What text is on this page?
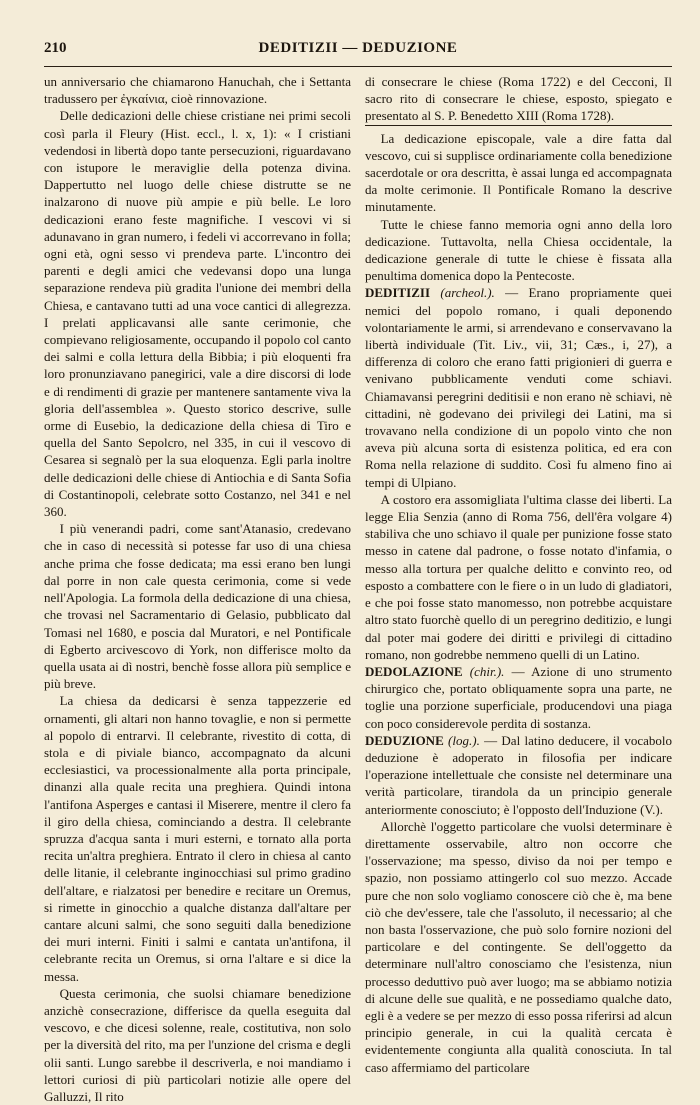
210	DEDITIZII — DEDUZIONE

un anniversario che chiamarono Hanuchah, che i Settanta tradussero per ἐγκαίνια, cioè rinnovazione.

Delle dedicazioni delle chiese cristiane nei primi secoli così parla il Fleury (Hist. eccl., l. x, 1): « I cristiani vedendosi in libertà dopo tante persecuzioni, riguardavano con istupore le meraviglie della potenza divina. Dappertutto nel luogo delle chiese distrutte se ne inalzarono di nuove più ampie e più belle. Le loro dedicazioni erano feste magnifiche. I vescovi vi si adunavano in gran numero, i fedeli vi accorrevano in folla; ogni età, ogni sesso vi prendeva parte. L'incontro dei parenti e degli amici che vedevansi dopo una lunga separazione rendeva più gradita l'unione dei membri della Chiesa, e cantavano tutti ad una voce cantici di allegrezza. I prelati applicavansi alle sante cerimonie, che compievano religiosamente, occupando il popolo col canto dei salmi e colla lettura della Bibbia; i più eloquenti fra loro pronunziavano panegirici, vale a dire discorsi di lode e di rendimenti di grazie per mantenere santamente viva la gloria dell'assemblea ». Questo storico descrive, sulle orme di Eusebio, la dedicazione della chiesa di Tiro e quella del Santo Sepolcro, nel 335, in cui il vescovo di Cesarea si segnalò per la sua eloquenza. Egli parla inoltre delle dedicazioni delle chiese di Antiochia e di Santa Sofia di Costantinopoli, celebrate sotto Costanzo, nel 341 e nel 360.

I più venerandi padri, come sant'Atanasio, credevano che in caso di necessità si potesse far uso di una chiesa anche prima che fosse dedicata; ma essi erano ben lungi dal porre in non cale questa cerimonia, come si vede nell'Apologia. La formola della dedicazione di una chiesa, che trovasi nel Sacramentario di Gelasio, pubblicato dal Tomasi nel 1680, e poscia dal Muratori, e nel Pontificale di Egberto arcivescovo di York, non differisce molto da quella usata ai dì nostri, benchè fosse allora più semplice e più breve.

La chiesa da dedicarsi è senza tappezzerie ed ornamenti, gli altari non hanno tovaglie, e non si permette al popolo di entrarvi. Il celebrante, rivestito di cotta, di stola e di piviale bianco, accompagnato da alcuni ecclesiastici, va processionalmente alla porta principale, dinanzi alla quale recita una preghiera. Quindi intona l'antifona Asperges e cantasi il Miserere, mentre il clero fa il giro della chiesa, cominciando a destra. Il celebrante spruzza d'acqua santa i muri esterni, e tornato alla porta recita un'altra preghiera. Entrato il clero in chiesa al canto delle litanie, il celebrante inginocchiasi sul primo gradino dell'altare, e rialzatosi per benedire e recitare un Oremus, si rimette in ginocchio a qualche distanza dall'altare per cantare alcuni salmi, che sono seguiti dalla benedizione dei muri interni. Finiti i salmi e cantata un'antifona, il celebrante recita un Oremus, si orna l'altare e si dice la messa.

Questa cerimonia, che suolsi chiamare benedizione anzichè consecrazione, differisce da quella eseguita dal vescovo, e che dicesi solenne, reale, costitutiva, non solo per la diversità del rito, ma per l'unzione del crisma e degli olii santi. Lungo sarebbe il descriverla, e noi mandiamo i lettori curiosi di più particolari notizie alle opere del Galluzzi, Il rito

di consecrare le chiese (Roma 1722) e del Cecconi, Il sacro rito di consecrare le chiese, esposto, spiegato e presentato al S. P. Benedetto XIII (Roma 1728).

La dedicazione episcopale, vale a dire fatta dal vescovo, cui si supplisce ordinariamente colla benedizione sacerdotale or ora descritta, è assai lunga ed accompagnata da molte cerimonie. Il Pontificale Romano la descrive minutamente.

Tutte le chiese fanno memoria ogni anno della loro dedicazione. Tuttavolta, nella Chiesa occidentale, la dedicazione generale di tutte le chiese è fissata alla penultima domenica dopo la Pentecoste.

DEDITIZII (archeol.). — Erano propriamente quei nemici del popolo romano, i quali deponendo volontariamente le armi, si arrendevano e conservavano la libertà individuale (Tit. Liv., vii, 31; Cæs., i, 27), a differenza di coloro che erano fatti prigionieri di guerra e venivano pubblicamente venduti come schiavi. Chiamavansi peregrini deditisii e non erano nè schiavi, nè cittadini, nè godevano dei privilegi dei Latini, ma si trovavano nella condizione di un popolo vinto che non aveva più alcuna sorta di esistenza politica, ed era con Roma nella relazione di suddito. Così fu almeno fino ai tempi di Ulpiano.

A costoro era assomigliata l'ultima classe dei liberti. La legge Elia Senzia (anno di Roma 756, dell'êra volgare 4) stabiliva che uno schiavo il quale per punizione fosse stato messo in catene dal padrone, o fosse notato d'infamia, o messo alla tortura per qualche delitto e convinto reo, od esposto a combattere con le fiere o in un ludo di gladiatori, e che poi fosse stato manomesso, non potrebbe acquistare altro stato fuorchè quello di un peregrino deditizio, e lungi dal poter mai godere dei diritti e privilegi di cittadino romano, non godrebbe nemmeno quelli di un Latino.

DEDOLAZIONE (chir.). — Azione di uno strumento chirurgico che, portato obliquamente sopra una parte, ne toglie una porzione superficiale, producendovi una piaga con poco considerevole perdita di sostanza.

DEDUZIONE (log.). — Dal latino deducere, il vocabolo deduzione è adoperato in filosofia per indicare l'operazione intellettuale che consiste nel determinare una verità particolare, tirandola da un principio generale anteriormente conosciuto; è l'opposto dell'Induzione (V.).

Allorchè l'oggetto particolare che vuolsi determinare è direttamente osservabile, altro non occorre che l'osservazione; ma spesso, diviso da noi per tempo e spazio, non possiamo attingerlo col suo mezzo. Accade pure che non solo vogliamo conoscere ciò che è, ma bene ciò che dev'essere, tale che l'assoluto, il necessario; al che non basta l'osservazione, che può solo fornire nozioni del particolare e del contingente. Se dell'oggetto da determinare null'altro conosciamo che l'esistenza, niun processo deduttivo può aver luogo; ma se abbiamo notizia di alcune delle sue qualità, e ne possediamo qualche dato, egli è a vedere se per mezzo di esso possa riferirsi ad alcun principio generale, in cui la qualità cercata è evidentemente congiunta alla qualità conosciuta. In tal caso affermiamo del particolare
